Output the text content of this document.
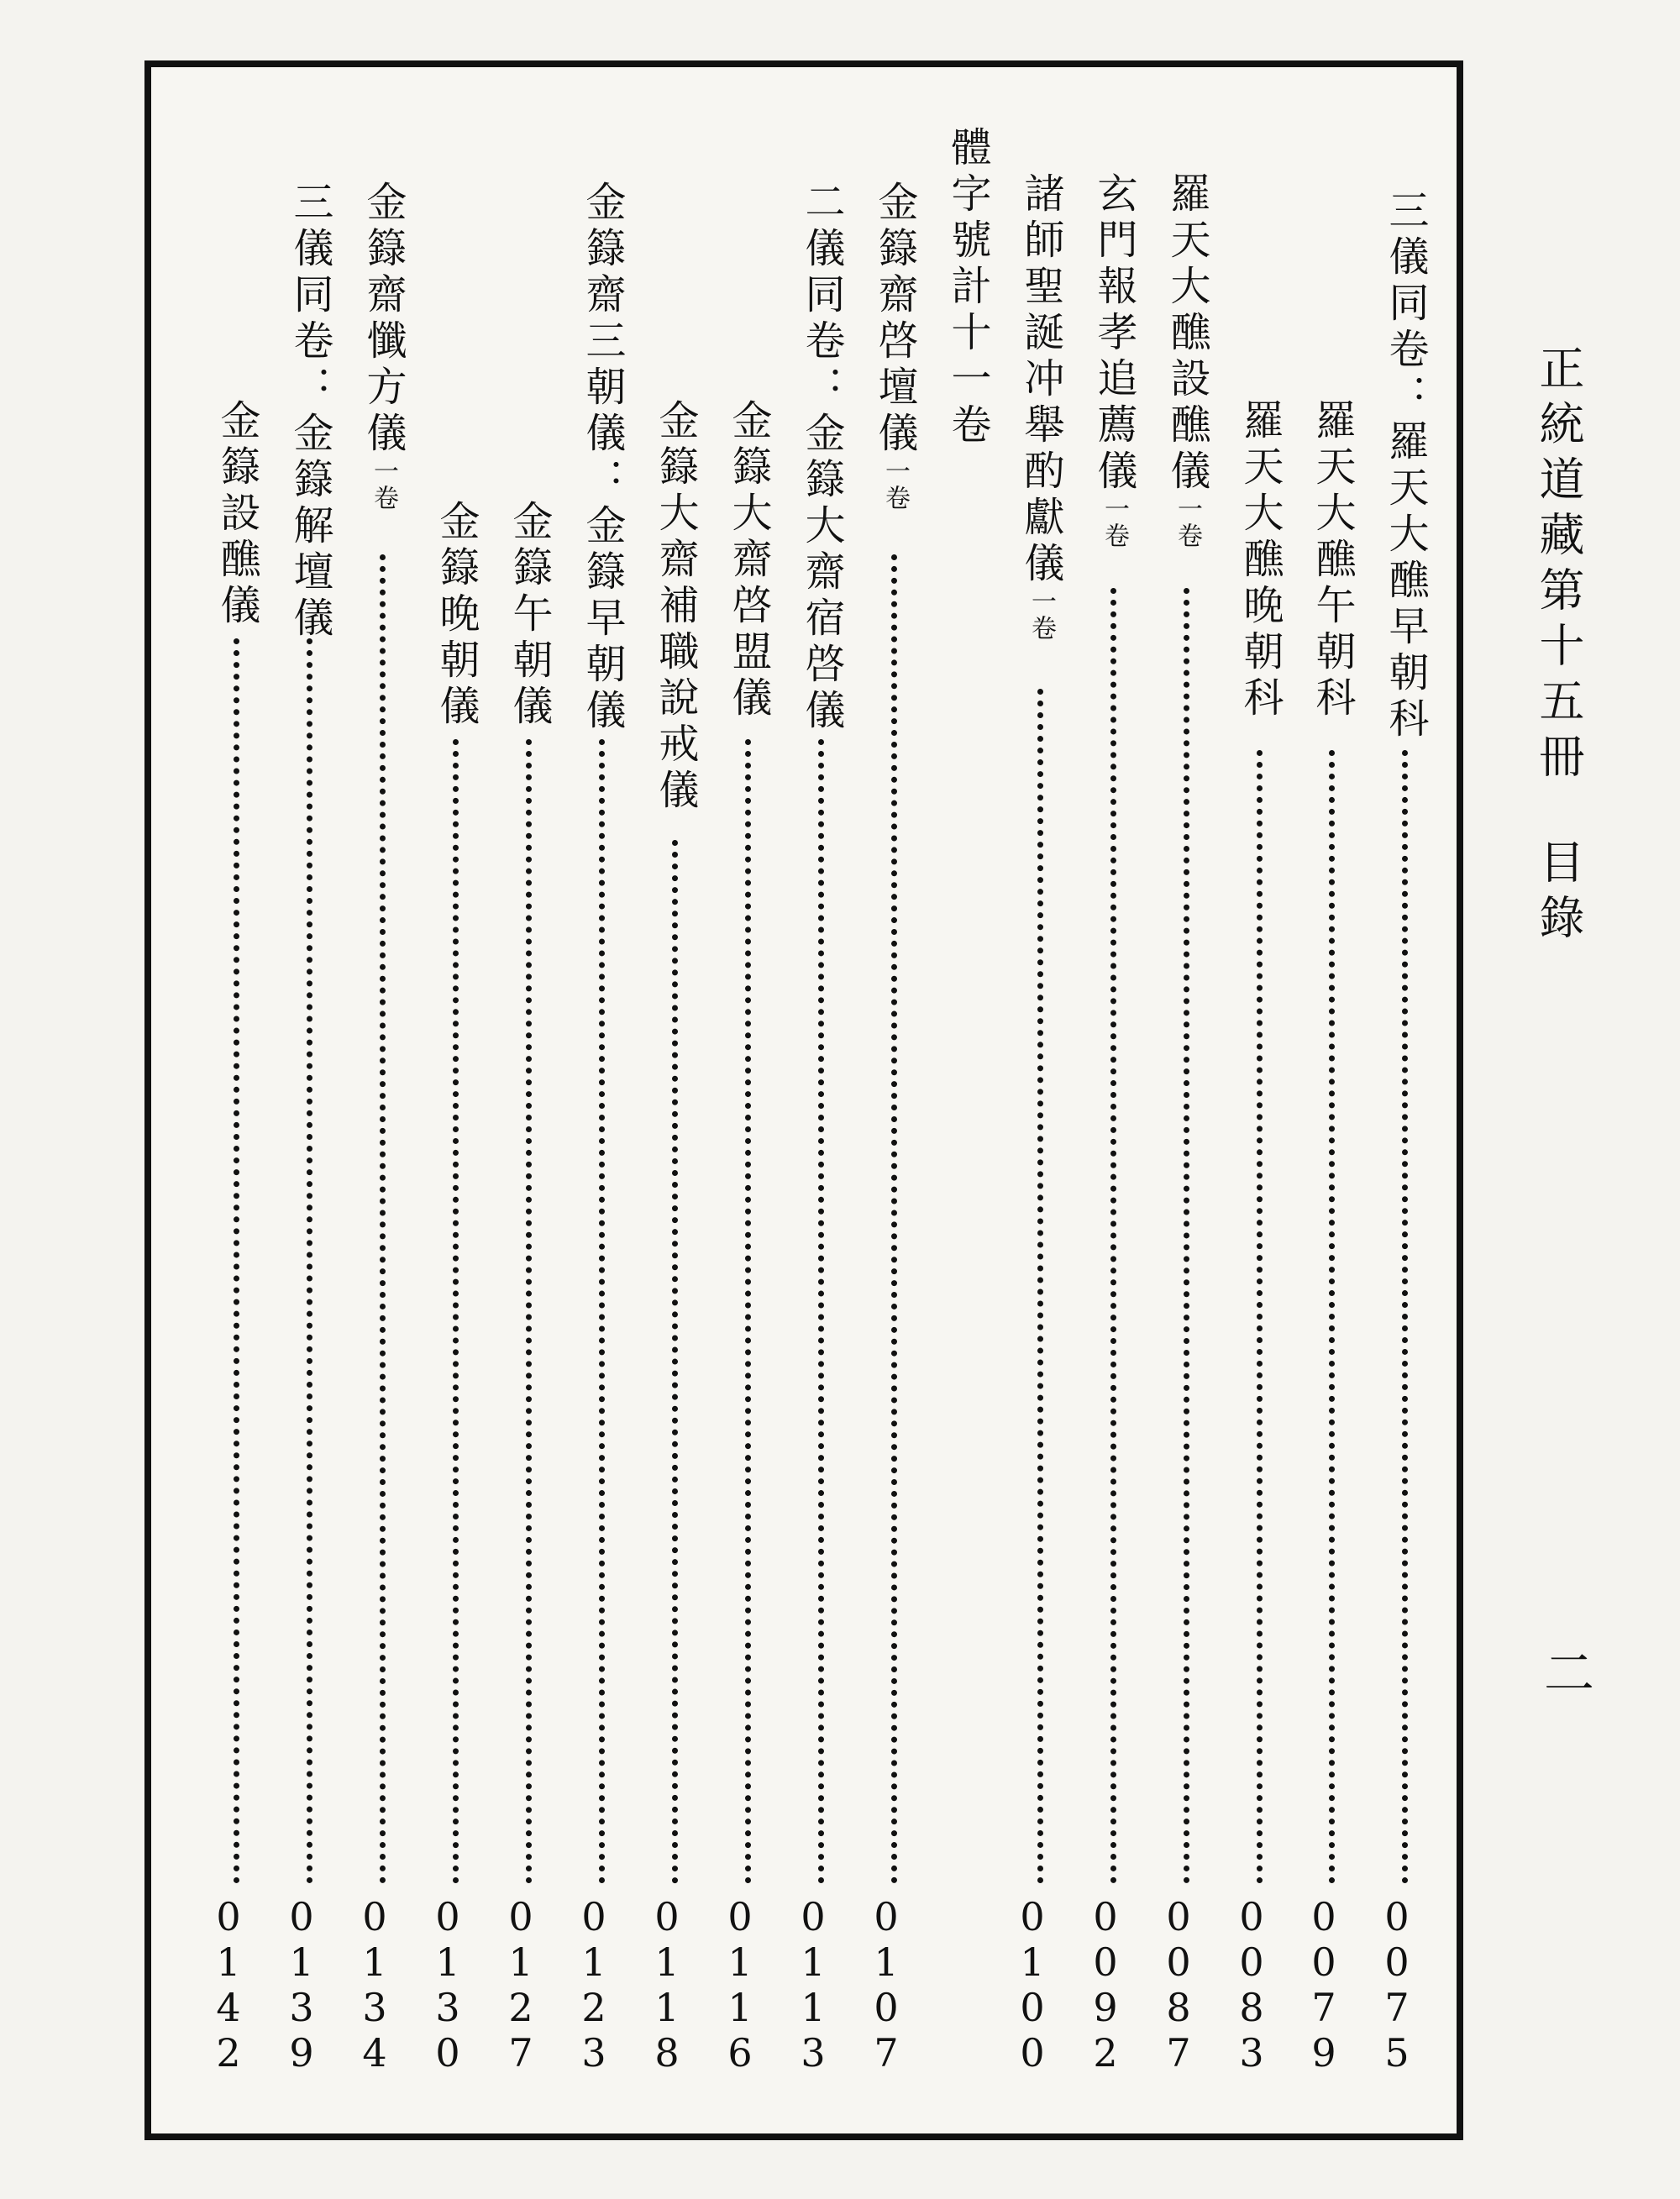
正統道藏第十五冊目錄
二
三儀同卷：羅天大醮早朝科
0075
羅天大醮午朝科
0079
羅天大醮晚朝科
0083
羅天大醮設醮儀一卷
0087
玄門報孝追薦儀一卷
0092
諸師聖誕冲舉酌獻儀一卷
0100
體字號計十一卷
金籙齋啓壇儀一卷
0107
二儀同卷：金籙大齋宿啓儀
0113
金籙大齋啓盟儀
0116
金籙大齋補職說戒儀
0118
金籙齋三朝儀：金籙早朝儀
0123
金籙午朝儀
0127
金籙晚朝儀
0130
金籙齋懺方儀一卷
0134
三儀同卷：金籙解壇儀
0139
金籙設醮儀
0142
